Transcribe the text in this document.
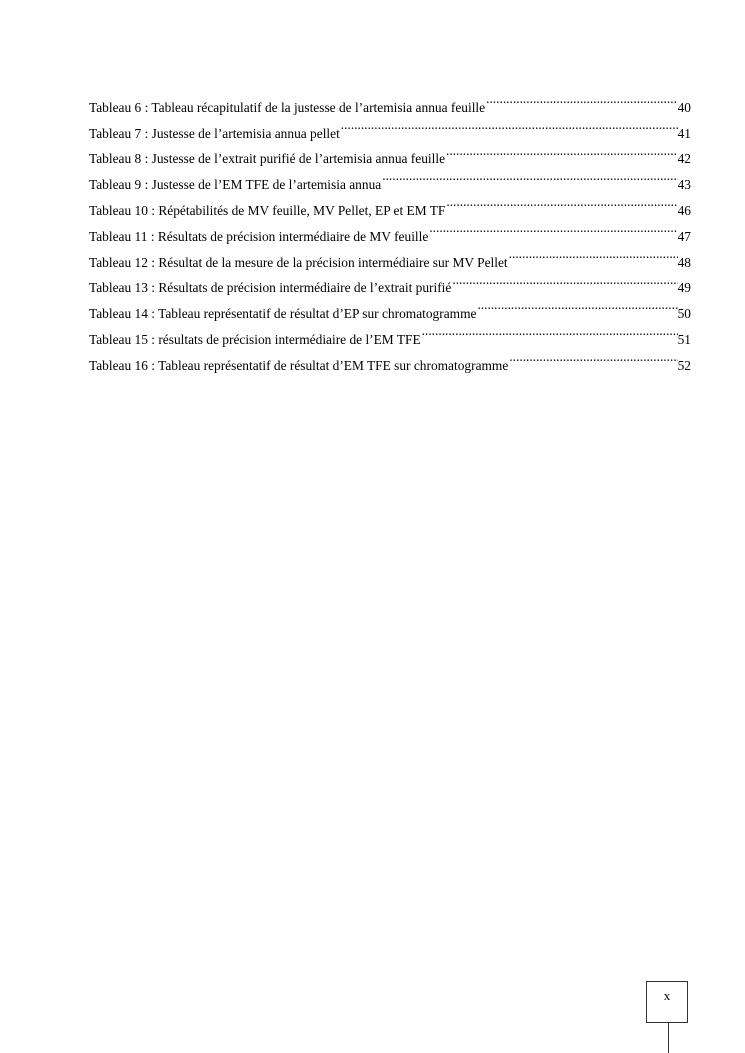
Tableau 6 : Tableau récapitulatif de la justesse de l’artemisia annua feuille .....	40
Tableau 7 : Justesse de l’artemisia annua pellet .....	41
Tableau 8 : Justesse de l’extrait purifié de l’artemisia annua feuille .....	42
Tableau 9 : Justesse de l’EM TFE de l’artemisia annua .....	43
Tableau 10 : Répétabilités de MV feuille, MV Pellet, EP et EM TF .....	46
Tableau 11 : Résultats de précision intermédiaire de MV feuille .....	47
Tableau 12 : Résultat de la mesure de la précision intermédiaire sur MV Pellet .....	48
Tableau 13 : Résultats de précision intermédiaire de l’extrait purifié .....	49
Tableau 14 : Tableau représentatif de résultat d’EP sur chromatogramme .....	50
Tableau 15 : résultats de précision intermédiaire de l’EM TFE .....	51
Tableau 16 : Tableau représentatif de résultat d’EM TFE sur chromatogramme .....	52
x
